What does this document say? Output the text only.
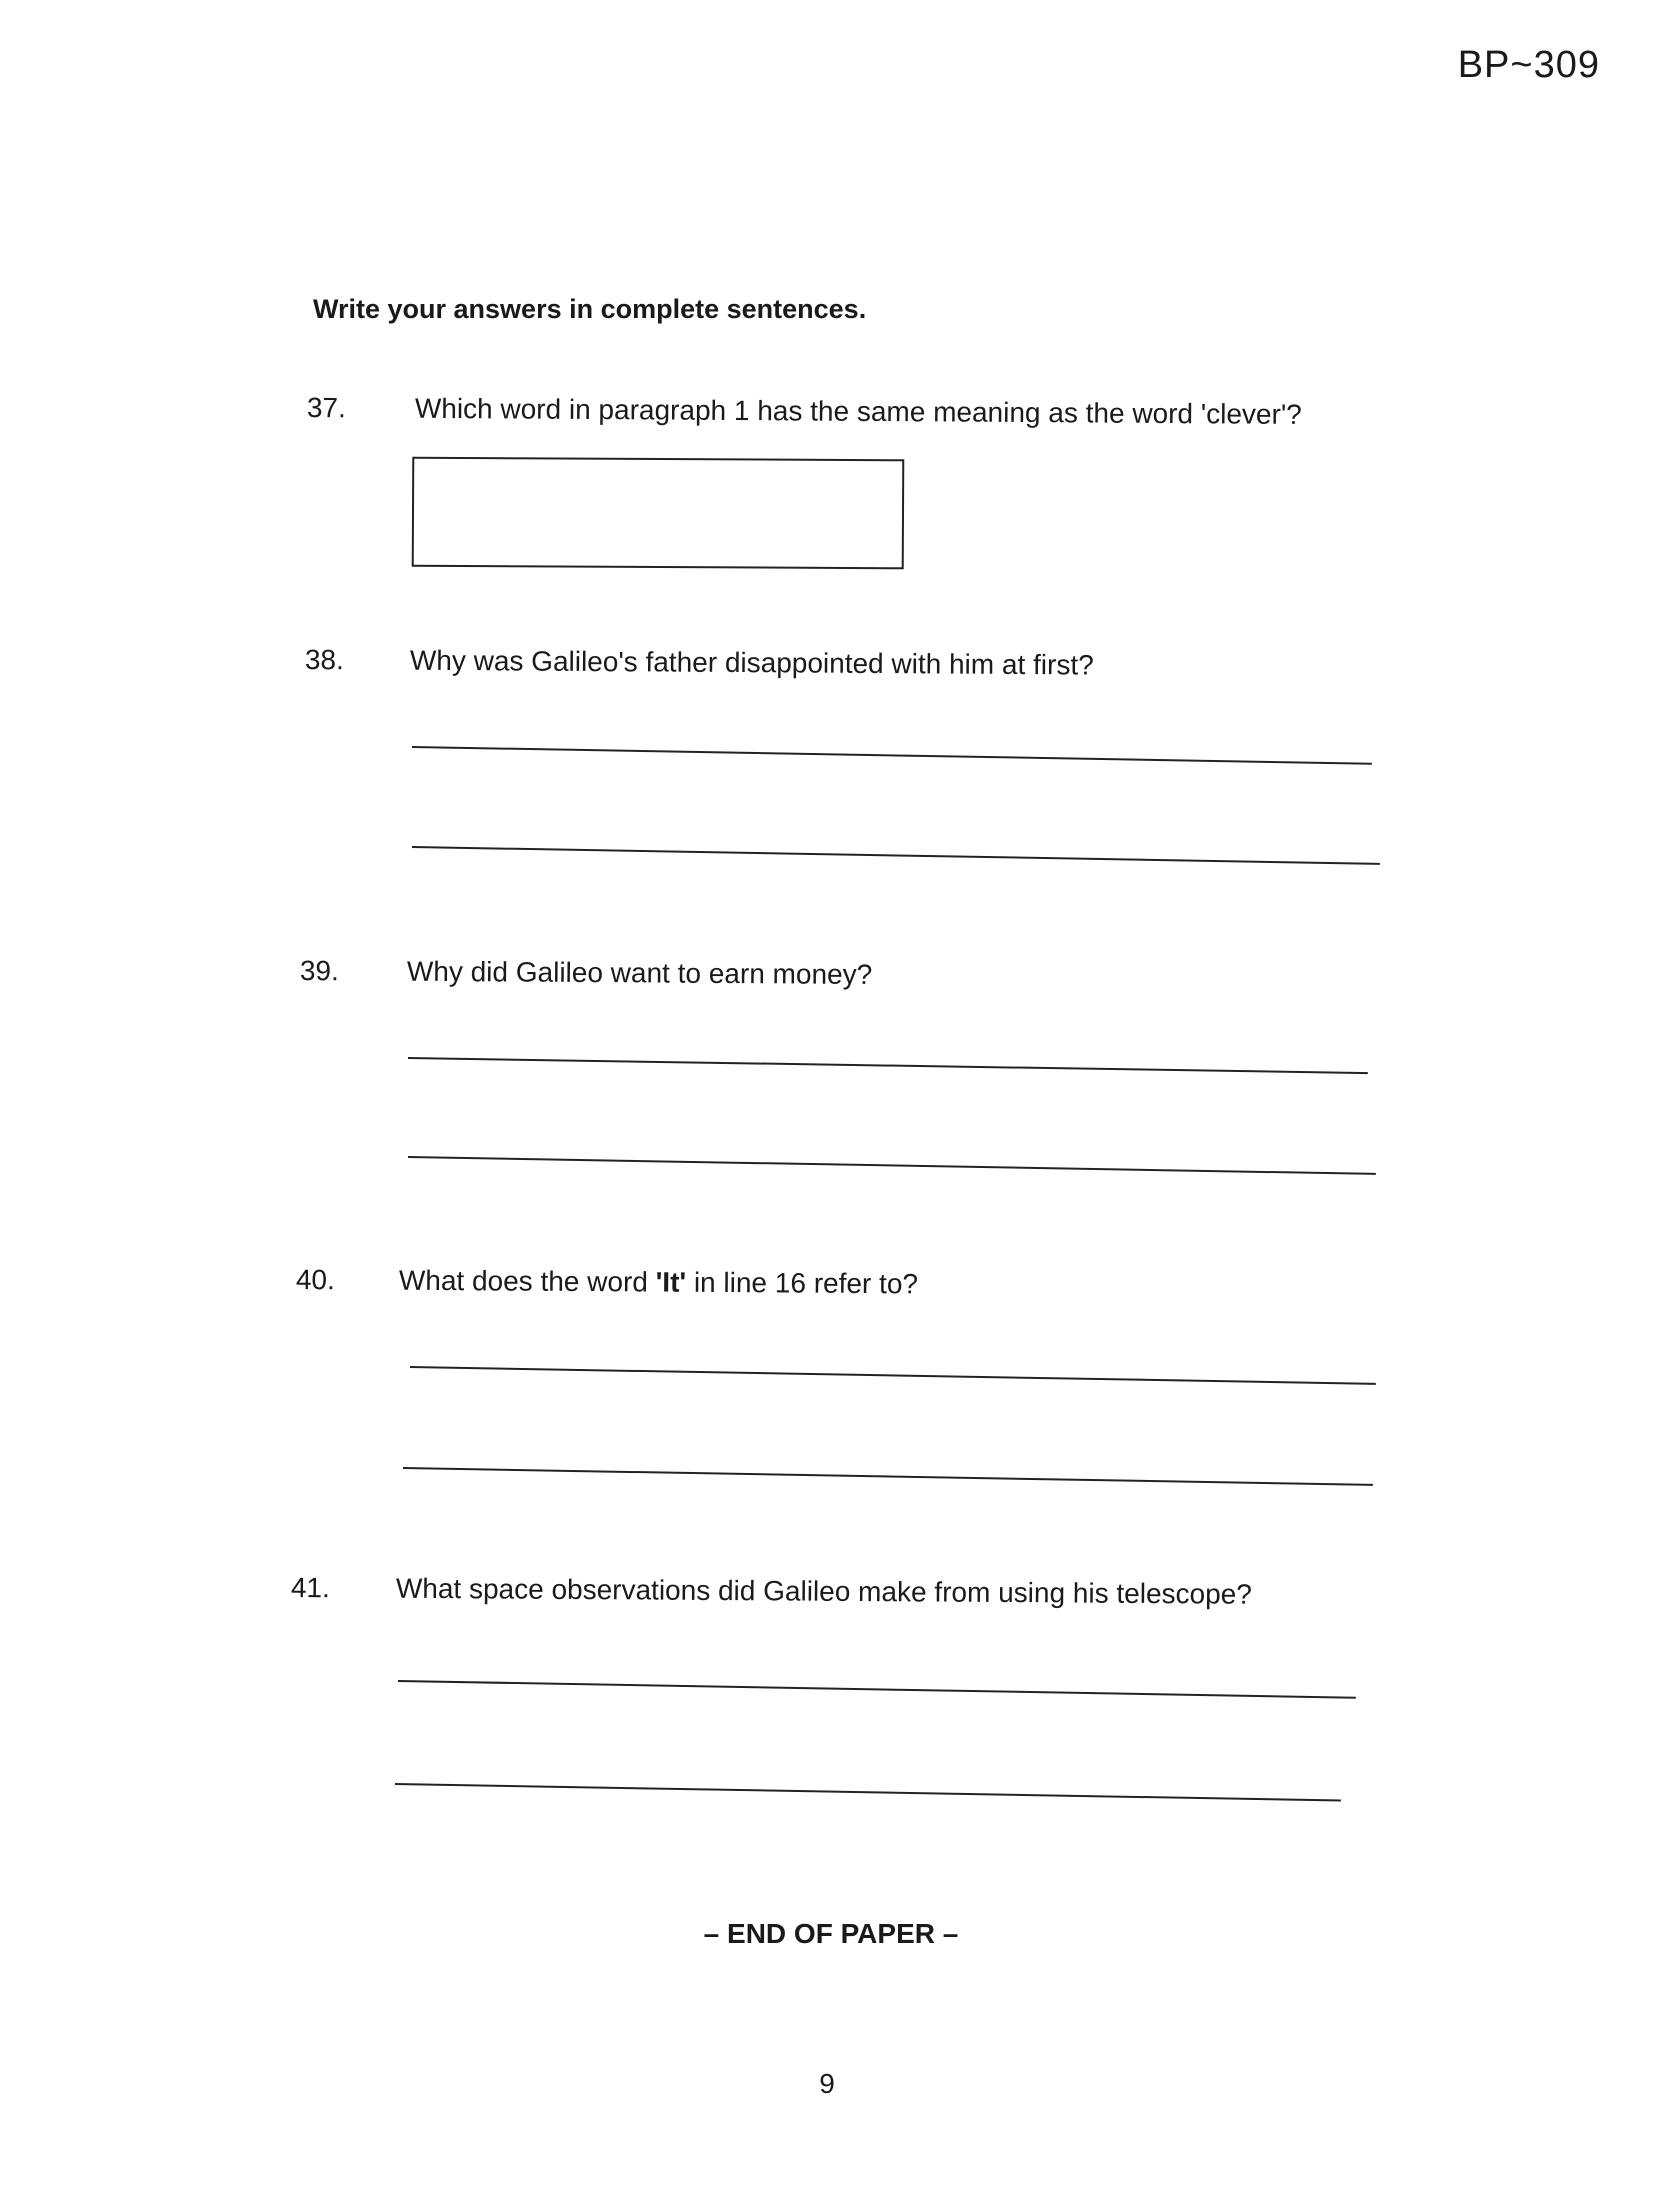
BP~309
Write your answers in complete sentences.
37. Which word in paragraph 1 has the same meaning as the word 'clever'?
38. Why was Galileo's father disappointed with him at first?
39. Why did Galileo want to earn money?
40. What does the word 'It' in line 16 refer to?
41. What space observations did Galileo make from using his telescope?
– END OF PAPER –
9
